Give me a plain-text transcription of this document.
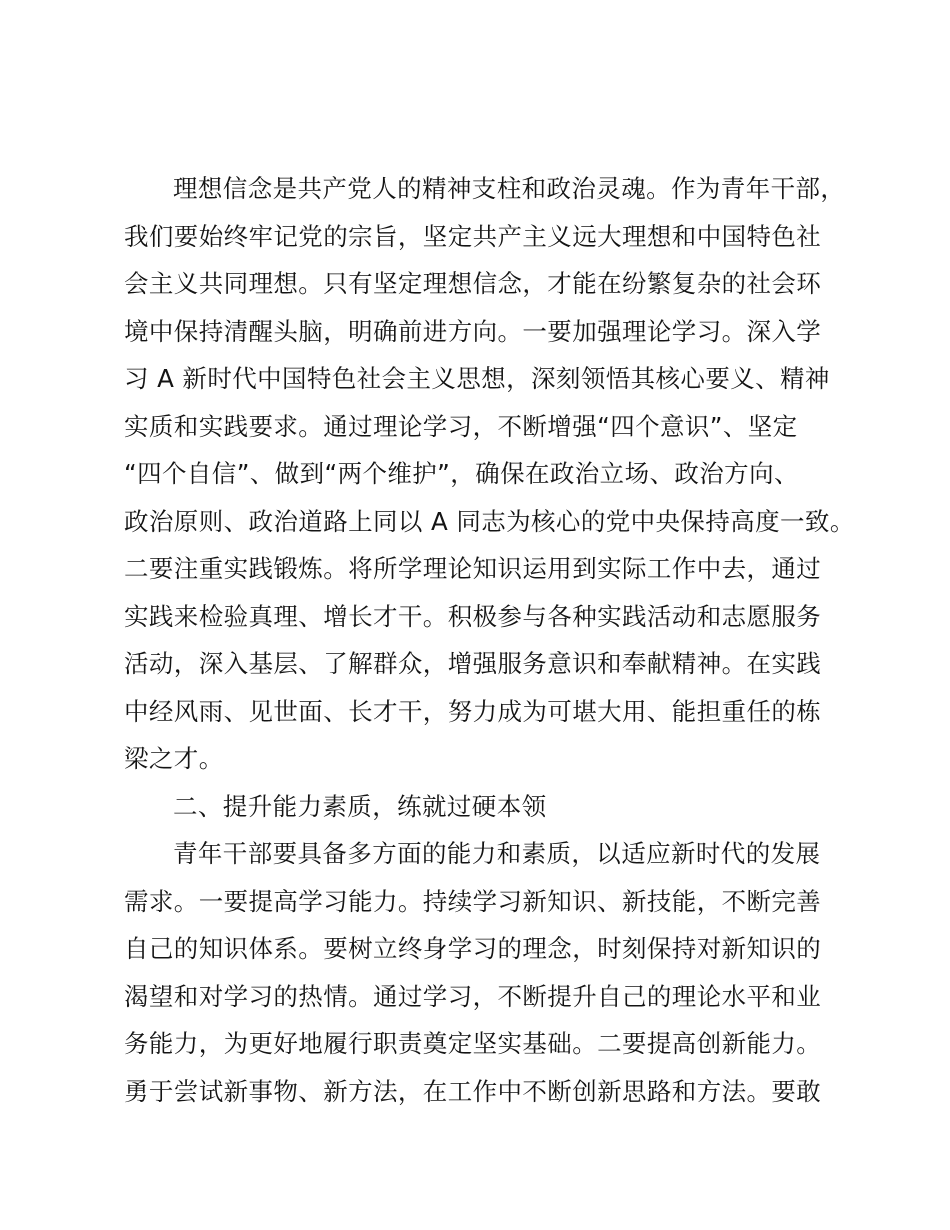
理想信念是共产党人的精神支柱和政治灵魂。作为青年干部，
我们要始终牢记党的宗旨，坚定共产主义远大理想和中国特色社
会主义共同理想。只有坚定理想信念，才能在纷繁复杂的社会环
境中保持清醒头脑，明确前进方向。一要加强理论学习。深入学
习 A 新时代中国特色社会主义思想，深刻领悟其核心要义、精神
实质和实践要求。通过理论学习，不断增强“四个意识”、坚定
“四个自信”、做到“两个维护”，确保在政治立场、政治方向、
政治原则、政治道路上同以 A 同志为核心的党中央保持高度一致。
二要注重实践锻炼。将所学理论知识运用到实际工作中去，通过
实践来检验真理、增长才干。积极参与各种实践活动和志愿服务
活动，深入基层、了解群众，增强服务意识和奉献精神。在实践
中经风雨、见世面、长才干，努力成为可堪大用、能担重任的栋
梁之才。
二、提升能力素质，练就过硬本领
青年干部要具备多方面的能力和素质，以适应新时代的发展
需求。一要提高学习能力。持续学习新知识、新技能，不断完善
自己的知识体系。要树立终身学习的理念，时刻保持对新知识的
渴望和对学习的热情。通过学习，不断提升自己的理论水平和业
务能力，为更好地履行职责奠定坚实基础。二要提高创新能力。
勇于尝试新事物、新方法，在工作中不断创新思路和方法。要敢
